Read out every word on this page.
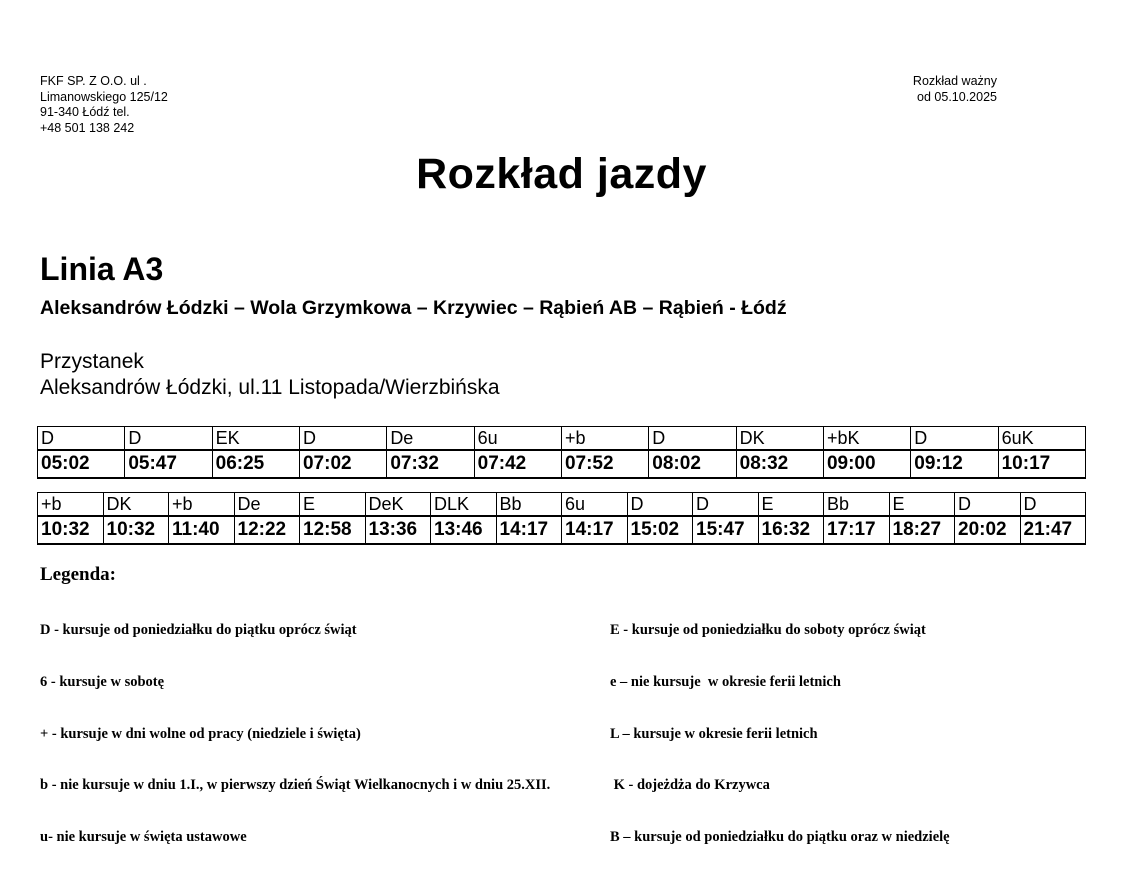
FKF SP. Z O.O. ul .
Limanowskiego 125/12
91-340 Łódź tel.
+48 501 138 242
Rozkład ważny
od 05.10.2025
Rozkład jazdy
Linia A3
Aleksandrów Łódzki – Wola Grzymkowa – Krzywiec – Rąbień AB – Rąbień - Łódź
Przystanek
Aleksandrów Łódzki, ul.11 Listopada/Wierzbińska
D	D	EK	D	De	6u	+b	D	DK	+bK	D	6uK
05:02	05:47	06:25	07:02	07:32	07:42	07:52	08:02	08:32	09:00	09:12	10:17
+b	DK	+b	De	E	DeK	DLK	Bb	6u	D	D	E	Bb	E	D	D
10:32	10:32	11:40	12:22	12:58	13:36	13:46	14:17	14:17	15:02	15:47	16:32	17:17	18:27	20:02	21:47
Legenda:

D - kursuje od poniedziałku do piątku oprócz świąt

6 - kursuje w sobotę

+ - kursuje w dni wolne od pracy (niedziele i święta)

b - nie kursuje w dniu 1.I., w pierwszy dzień Świąt Wielkanocnych i w dniu 25.XII.

u- nie kursuje w święta ustawowe

E - kursuje od poniedziałku do soboty oprócz świąt

e – nie kursuje  w okresie ferii letnich

L – kursuje w okresie ferii letnich

K - dojeżdża do Krzywca

B – kursuje od poniedziałku do piątku oraz w niedzielę
